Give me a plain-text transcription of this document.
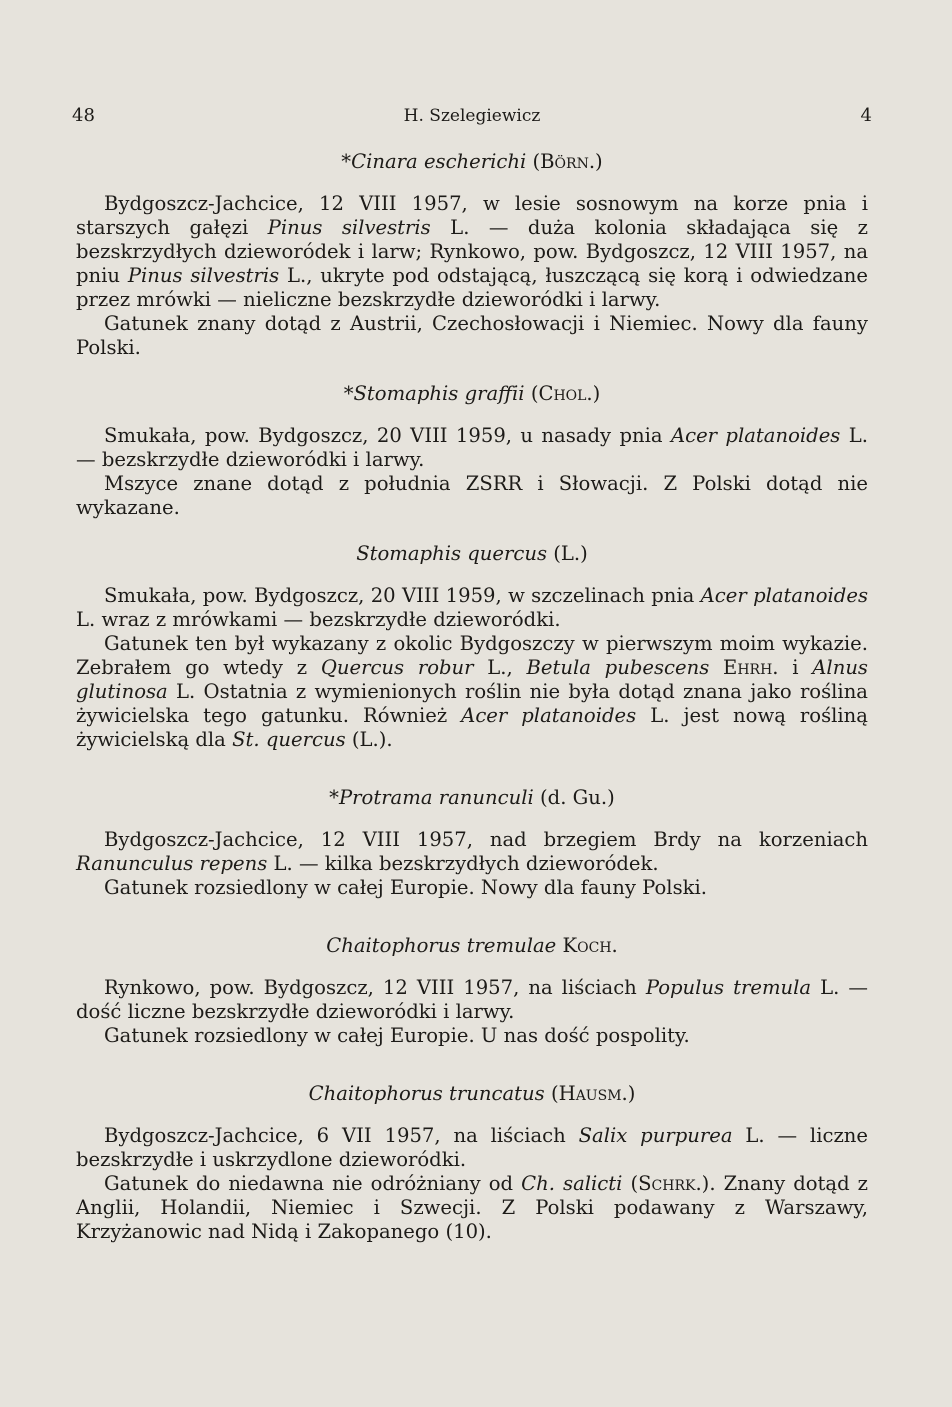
48	H. Szelegiewicz	4
*Cinara escherichi (Börn.)

Bydgoszcz-Jachcice, 12 VIII 1957, w lesie sosnowym na korze pnia i starszych gałęzi Pinus silvestris L. — duża kolonia składająca się z bezskrzydłych dzieworódek i larw; Rynkowo, pow. Bydgoszcz, 12 VIII 1957, na pniu Pinus silvestris L., ukryte pod odstającą, łuszczącą się korą i odwiedzane przez mrówki — nieliczne bezskrzydłe dzieworódki i larwy.

Gatunek znany dotąd z Austrii, Czechosłowacji i Niemiec. Nowy dla fauny Polski.

*Stomaphis graffii (Chol.)

Smukała, pow. Bydgoszcz, 20 VIII 1959, u nasady pnia Acer platanoides L. — bezskrzydłe dzieworódki i larwy.

Mszyce znane dotąd z południa ZSRR i Słowacji. Z Polski dotąd nie wykazane.

Stomaphis quercus (L.)

Smukała, pow. Bydgoszcz, 20 VIII 1959, w szczelinach pnia Acer platanoides L. wraz z mrówkami — bezskrzydłe dzieworódki.

Gatunek ten był wykazany z okolic Bydgoszczy w pierwszym moim wykazie. Zebrałem go wtedy z Quercus robur L., Betula pubescens Ehrh. i Alnus glutinosa L. Ostatnia z wymienionych roślin nie była dotąd znana jako roślina żywicielska tego gatunku. Również Acer platanoides L. jest nową rośliną żywicielską dla St. quercus (L.).

*Protrama ranunculi (d. Gu.)

Bydgoszcz-Jachcice, 12 VIII 1957, nad brzegiem Brdy na korzeniach Ranunculus repens L. — kilka bezskrzydłych dzieworódek.

Gatunek rozsiedlony w całej Europie. Nowy dla fauny Polski.

Chaitophorus tremulae Koch.

Rynkowo, pow. Bydgoszcz, 12 VIII 1957, na liściach Populus tremula L. — dość liczne bezskrzydłe dzieworódki i larwy.

Gatunek rozsiedlony w całej Europie. U nas dość pospolity.

Chaitophorus truncatus (Hausm.)

Bydgoszcz-Jachcice, 6 VII 1957, na liściach Salix purpurea L. — liczne bezskrzydłe i uskrzydlone dzieworódki.

Gatunek do niedawna nie odróżniany od Ch. salicti (Schrk.). Znany dotąd z Anglii, Holandii, Niemiec i Szwecji. Z Polski podawany z Warszawy, Krzyżanowic nad Nidą i Zakopanego (10).
